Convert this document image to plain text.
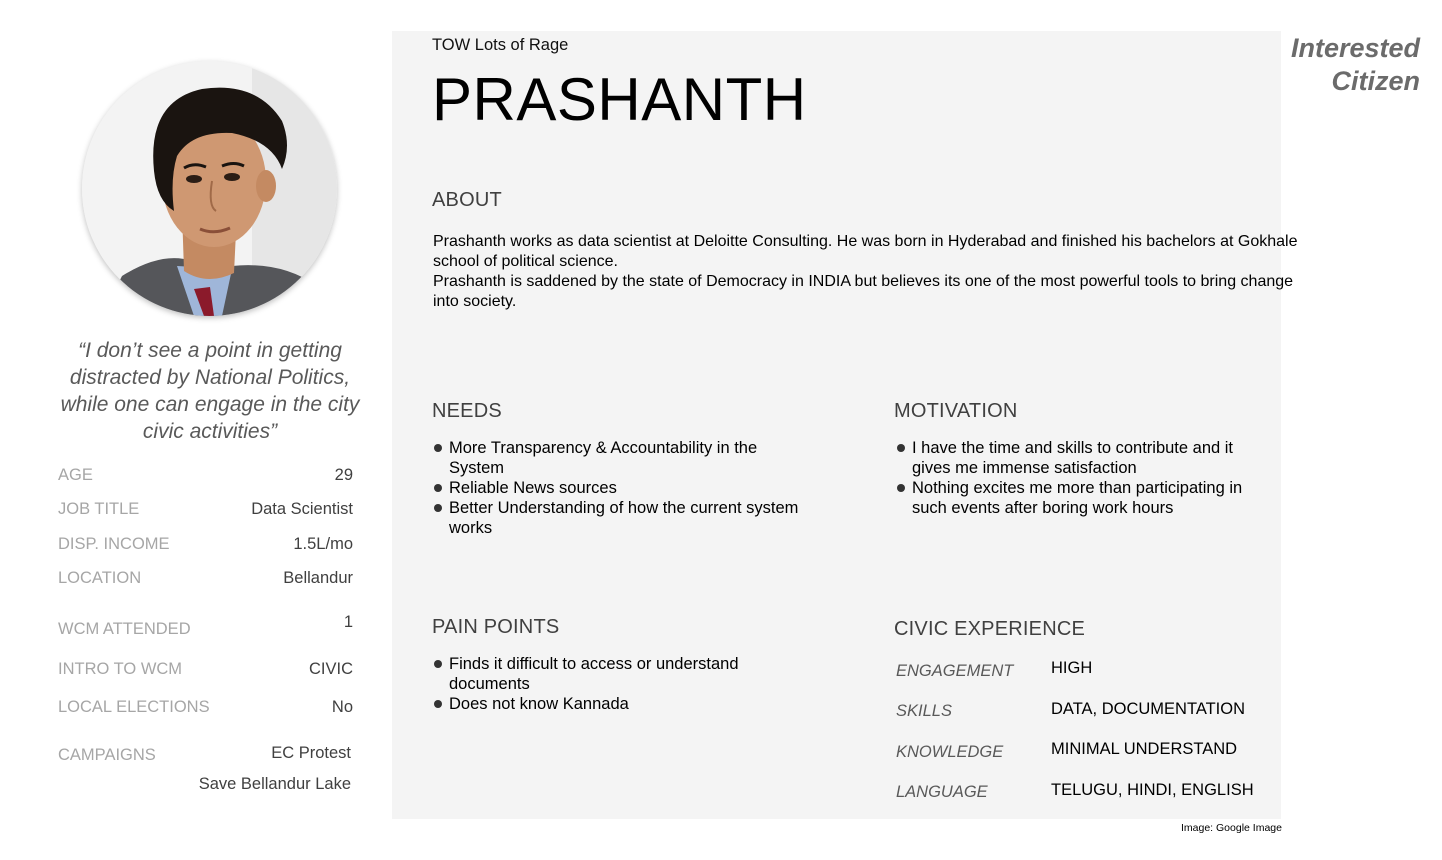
“I don’t see a point in getting distracted by National Politics, while one can engage in the city civic activities”
AGE	29
JOB TITLE	Data Scientist
DISP. INCOME	1.5L/mo
LOCATION	Bellandur
WCM ATTENDED	1
INTRO TO WCM	CIVIC
LOCAL ELECTIONS	No
CAMPAIGNS	EC Protest
Save Bellandur Lake
TOW Lots of Rage
PRASHANTH
ABOUT
Prashanth works as data scientist at Deloitte Consulting. He was born in Hyderabad and finished his bachelors at Gokhale school of political science.
Prashanth is saddened by the state of Democracy in INDIA but believes its one of the most powerful tools to bring change into society.
NEEDS
More Transparency & Accountability in the System
Reliable News sources
Better Understanding of how the current system works
MOTIVATION
I have the time and skills to contribute and it gives me immense satisfaction
Nothing excites me more than participating in such events after boring work hours
PAIN POINTS
Finds it difficult to access or understand documents
Does not know Kannada
CIVIC EXPERIENCE
ENGAGEMENT HIGH
SKILLS	DATA, DOCUMENTATION
KNOWLEDGE	MINIMAL UNDERSTAND
LANGUAGE	TELUGU, HINDI, ENGLISH
Interested
Citizen
Image: Google Image
